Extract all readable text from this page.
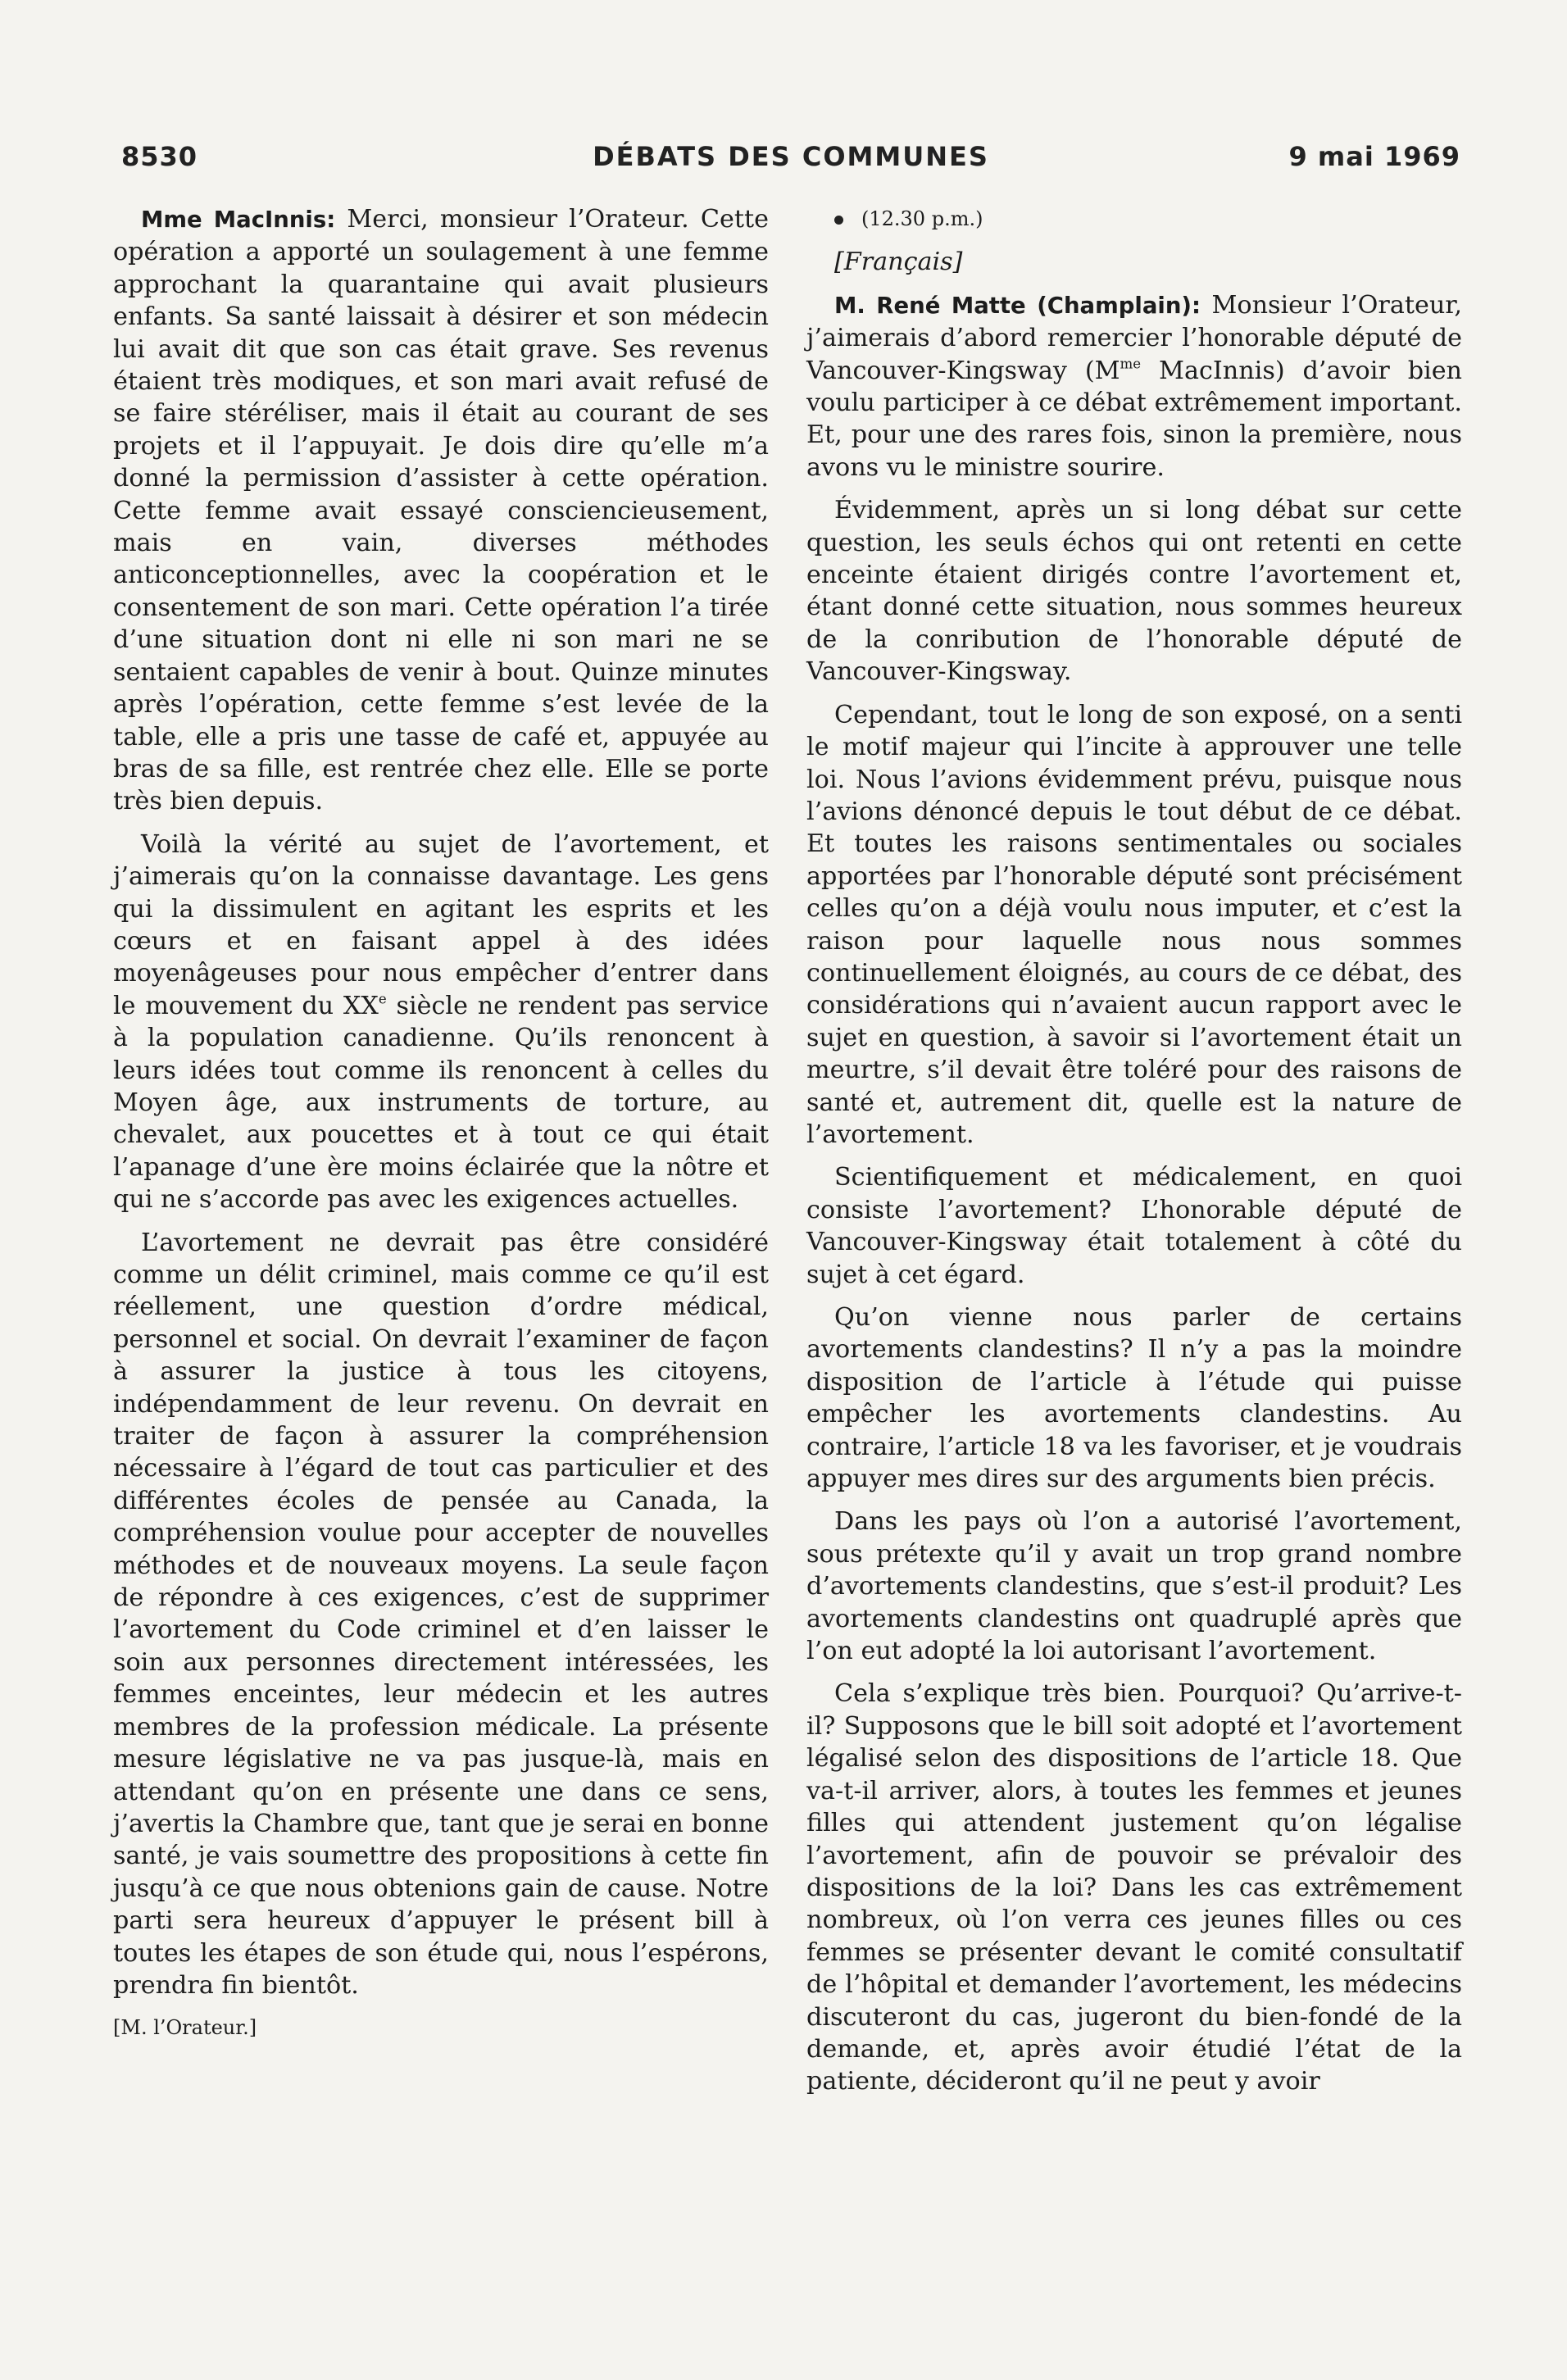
8530	DÉBATS DES COMMUNES	9 mai 1969

Mme MacInnis: Merci, monsieur l’Orateur. Cette opération a apporté un soulagement à une femme approchant la quarantaine qui avait plusieurs enfants. Sa santé laissait à désirer et son médecin lui avait dit que son cas était grave. Ses revenus étaient très modiques, et son mari avait refusé de se faire stéréliser, mais il était au courant de ses projets et il l’appuyait. Je dois dire qu’elle m’a donné la permission d’assister à cette opération. Cette femme avait essayé consciencieusement, mais en vain, diverses méthodes anticonceptionnelles, avec la coopération et le consentement de son mari. Cette opération l’a tirée d’une situation dont ni elle ni son mari ne se sentaient capables de venir à bout. Quinze minutes après l’opération, cette femme s’est levée de la table, elle a pris une tasse de café et, appuyée au bras de sa fille, est rentrée chez elle. Elle se porte très bien depuis.

Voilà la vérité au sujet de l’avortement, et j’aimerais qu’on la connaisse davantage. Les gens qui la dissimulent en agitant les esprits et les cœurs et en faisant appel à des idées moyenâgeuses pour nous empêcher d’entrer dans le mouvement du XXe siècle ne rendent pas service à la population canadienne. Qu’ils renoncent à leurs idées tout comme ils renoncent à celles du Moyen âge, aux instruments de torture, au chevalet, aux poucettes et à tout ce qui était l’apanage d’une ère moins éclairée que la nôtre et qui ne s’accorde pas avec les exigences actuelles.

L’avortement ne devrait pas être considéré comme un délit criminel, mais comme ce qu’il est réellement, une question d’ordre médical, personnel et social. On devrait l’examiner de façon à assurer la justice à tous les citoyens, indépendamment de leur revenu. On devrait en traiter de façon à assurer la compréhension nécessaire à l’égard de tout cas particulier et des différentes écoles de pensée au Canada, la compréhension voulue pour accepter de nouvelles méthodes et de nouveaux moyens. La seule façon de répondre à ces exigences, c’est de supprimer l’avortement du Code criminel et d’en laisser le soin aux personnes directement intéressées, les femmes enceintes, leur médecin et les autres membres de la profession médicale. La présente mesure législative ne va pas jusque-là, mais en attendant qu’on en présente une dans ce sens, j’avertis la Chambre que, tant que je serai en bonne santé, je vais soumettre des propositions à cette fin jusqu’à ce que nous obtenions gain de cause. Notre parti sera heureux d’appuyer le présent bill à toutes les étapes de son étude qui, nous l’espérons, prendra fin bientôt.

[M. l’Orateur.]

(12.30 p.m.)

[Français]

M. René Matte (Champlain): Monsieur l’Orateur, j’aimerais d’abord remercier l’honorable député de Vancouver-Kingsway ($M^{me}$ MacInnis) d’avoir bien voulu participer à ce débat extrêmement important. Et, pour une des rares fois, sinon la première, nous avons vu le ministre sourire.

Évidemment, après un si long débat sur cette question, les seuls échos qui ont retenti en cette enceinte étaient dirigés contre l’avortement et, étant donné cette situation, nous sommes heureux de la conribution de l’honorable député de Vancouver-Kingsway.

Cependant, tout le long de son exposé, on a senti le motif majeur qui l’incite à approuver une telle loi. Nous l’avions évidemment prévu, puisque nous l’avions dénoncé depuis le tout début de ce débat. Et toutes les raisons sentimentales ou sociales apportées par l’honorable député sont précisément celles qu’on a déjà voulu nous imputer, et c’est la raison pour laquelle nous nous sommes continuellement éloignés, au cours de ce débat, des considérations qui n’avaient aucun rapport avec le sujet en question, à savoir si l’avortement était un meurtre, s’il devait être toléré pour des raisons de santé et, autrement dit, quelle est la nature de l’avortement.

Scientifiquement et médicalement, en quoi consiste l’avortement? L’honorable député de Vancouver-Kingsway était totalement à côté du sujet à cet égard.

Qu’on vienne nous parler de certains avortements clandestins? Il n’y a pas la moindre disposition de l’article à l’étude qui puisse empêcher les avortements clandestins. Au contraire, l’article 18 va les favoriser, et je voudrais appuyer mes dires sur des arguments bien précis.

Dans les pays où l’on a autorisé l’avortement, sous prétexte qu’il y avait un trop grand nombre d’avortements clandestins, que s’est-il produit? Les avortements clandestins ont quadruplé après que l’on eut adopté la loi autorisant l’avortement.

Cela s’explique très bien. Pourquoi? Qu’arrive-t-il? Supposons que le bill soit adopté et l’avortement légalisé selon des dispositions de l’article 18. Que va-t-il arriver, alors, à toutes les femmes et jeunes filles qui attendent justement qu’on légalise l’avortement, afin de pouvoir se prévaloir des dispositions de la loi? Dans les cas extrêmement nombreux, où l’on verra ces jeunes filles ou ces femmes se présenter devant le comité consultatif de l’hôpital et demander l’avortement, les médecins discuteront du cas, jugeront du bien-fondé de la demande, et, après avoir étudié l’état de la patiente, décideront qu’il ne peut y avoir
